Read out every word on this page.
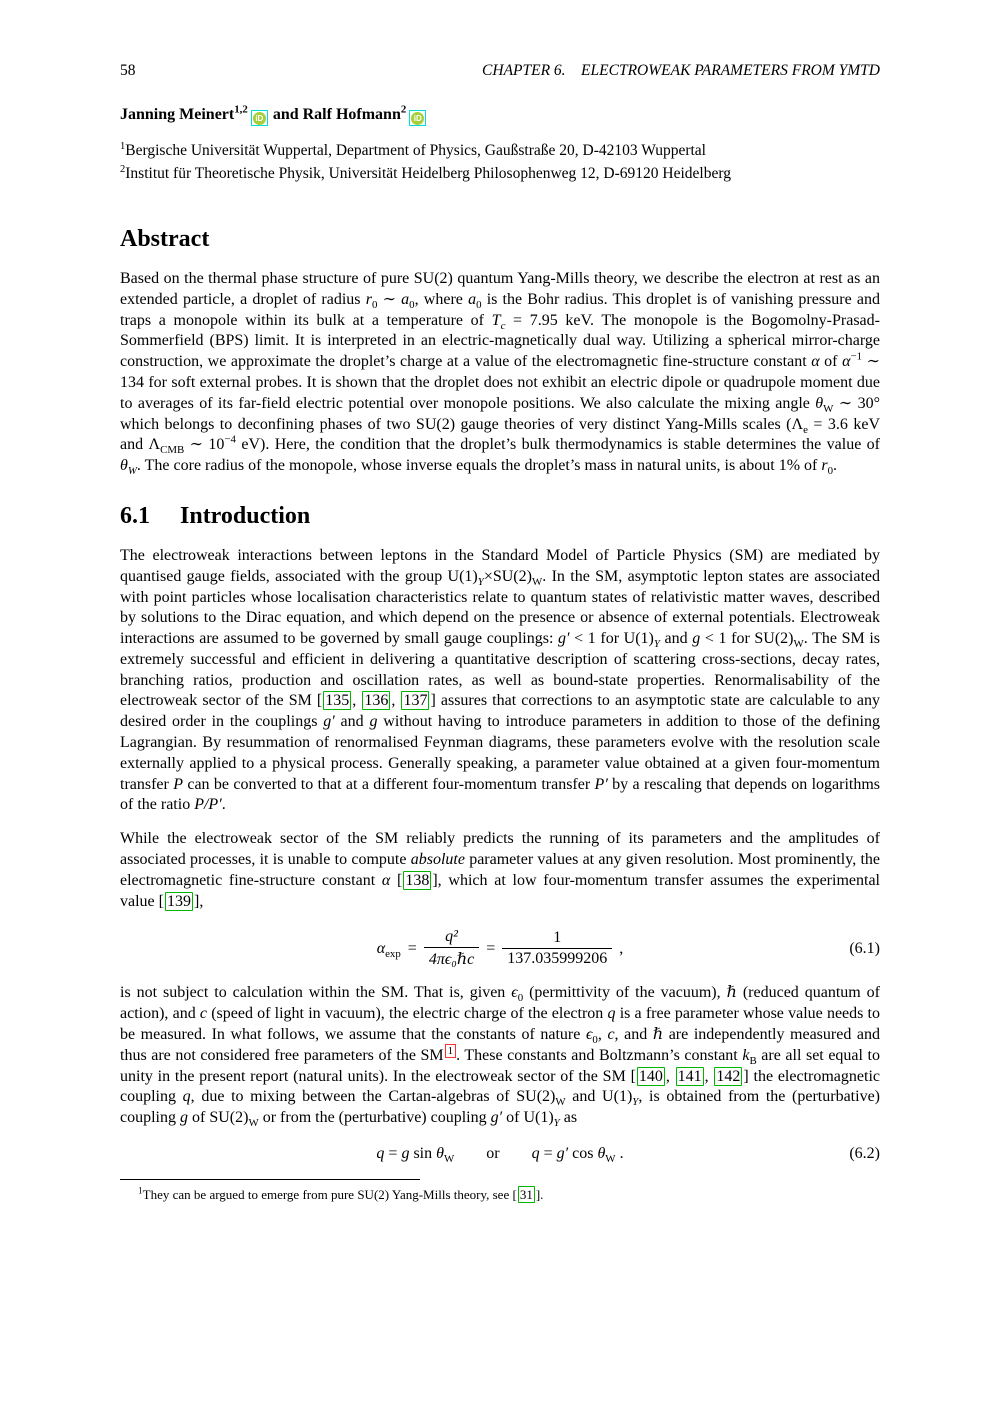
58	CHAPTER 6. ELECTROWEAK PARAMETERS FROM YMTD

Janning Meinert$^{1,2}$iD and Ralf Hofmann$^2$iD

$^1$Bergische Universität Wuppertal, Department of Physics, Gaußstraße 20, D-42103 Wuppertal

$^2$Institut für Theoretische Physik, Universität Heidelberg Philosophenweg 12, D-69120 Heidelberg

Abstract

Based on the thermal phase structure of pure SU(2) quantum Yang-Mills theory, we describe the electron at rest as an extended particle, a droplet of radius $r_0$ ∼ $a_0$, where $a_0$ is the Bohr radius. This droplet is of vanishing pressure and traps a monopole within its bulk at a temperature of $T_c = 7.95$ keV. The monopole is the Bogomolny-Prasad-Sommerfield (BPS) limit. It is interpreted in an electric-magnetically dual way. Utilizing a spherical mirror-charge construction, we approximate the droplet’s charge at a value of the electromagnetic fine-structure constant α of $\alpha^{-1}$ ∼ 134 for soft external probes. It is shown that the droplet does not exhibit an electric dipole or quadrupole moment due to averages of its far-field electric potential over monopole positions. We also calculate the mixing angle $\theta_W$ ∼ 30° which belongs to deconfining phases of two SU(2) gauge theories of very distinct Yang-Mills scales ($\Lambda_e = 3.6$ keV and $\Lambda_{CMB}$ ∼ $10^{-4}$ eV). Here, the condition that the droplet’s bulk thermodynamics is stable determines the value of $\theta_W$. The core radius of the monopole, whose inverse equals the droplet’s mass in natural units, is about 1% of $r_0$.

6.1 Introduction

The electroweak interactions between leptons in the Standard Model of Particle Physics (SM) are mediated by quantised gauge fields, associated with the group $U(1)_Y\times SU(2)_W$. In the SM, asymptotic lepton states are associated with point particles whose localisation characteristics relate to quantum states of relativistic matter waves, described by solutions to the Dirac equation, and which depend on the presence or absence of external potentials. Electroweak interactions are assumed to be governed by small gauge couplings: g′ < 1 for $U(1)_Y$ and g < 1 for $SU(2)_W$. The SM is extremely successful and efficient in delivering a quantitative description of scattering cross-sections, decay rates, branching ratios, production and oscillation rates, as well as bound-state properties. Renormalisability of the electroweak sector of the SM [ 135 , 136 , 137 ] assures that corrections to an asymptotic state are calculable to any desired order in the couplings g′ and g without having to introduce parameters in addition to those of the defining Lagrangian. By resummation of renormalised Feynman diagrams, these parameters evolve with the resolution scale externally applied to a physical process. Generally speaking, a parameter value obtained at a given four-momentum transfer P can be converted to that at a different four-momentum transfer P′ by a rescaling that depends on logarithms of the ratio P/P′.

While the electroweak sector of the SM reliably predicts the running of its parameters and the amplitudes of associated processes, it is unable to compute absolute parameter values at any given resolution. Most prominently, the electromagnetic fine-structure constant α [ 138 ], which at low four-momentum transfer assumes the experimental value [ 139 ],

$\alpha_{exp} = \frac{\text{q²}}{\text{4πϵ₀ℏc}} = \frac{1}{137.035999206}$ ,	(6.1)

is not subject to calculation within the SM. That is, given $\epsilon_0$ (permittivity of the vacuum), ℏ (reduced quantum of action), and c (speed of light in vacuum), the electric charge of the electron q is a free parameter whose value needs to be measured. In what follows, we assume that the constants of nature $\epsilon_0$, c, and ℏ are independently measured and thus are not considered free parameters of the SM $^1$ . These constants and Boltzmann’s constant $k_B$ are all set equal to unity in the present report (natural units). In the electroweak sector of the SM [ 140 , 141 , 142 ] the electromagnetic coupling q, due to mixing between the Cartan-algebras of $SU(2)_W$ and $U(1)_Y$, is obtained from the (perturbative) coupling g of $SU(2)_W$ or from the (perturbative) coupling g′ of $U(1)_Y$ as

q = g $\sin \theta_W$  or  q = g′ $\cos \theta_W$ .	(6.2)

$^1$They can be argued to emerge from pure SU(2) Yang-Mills theory, see [ 31 ].
